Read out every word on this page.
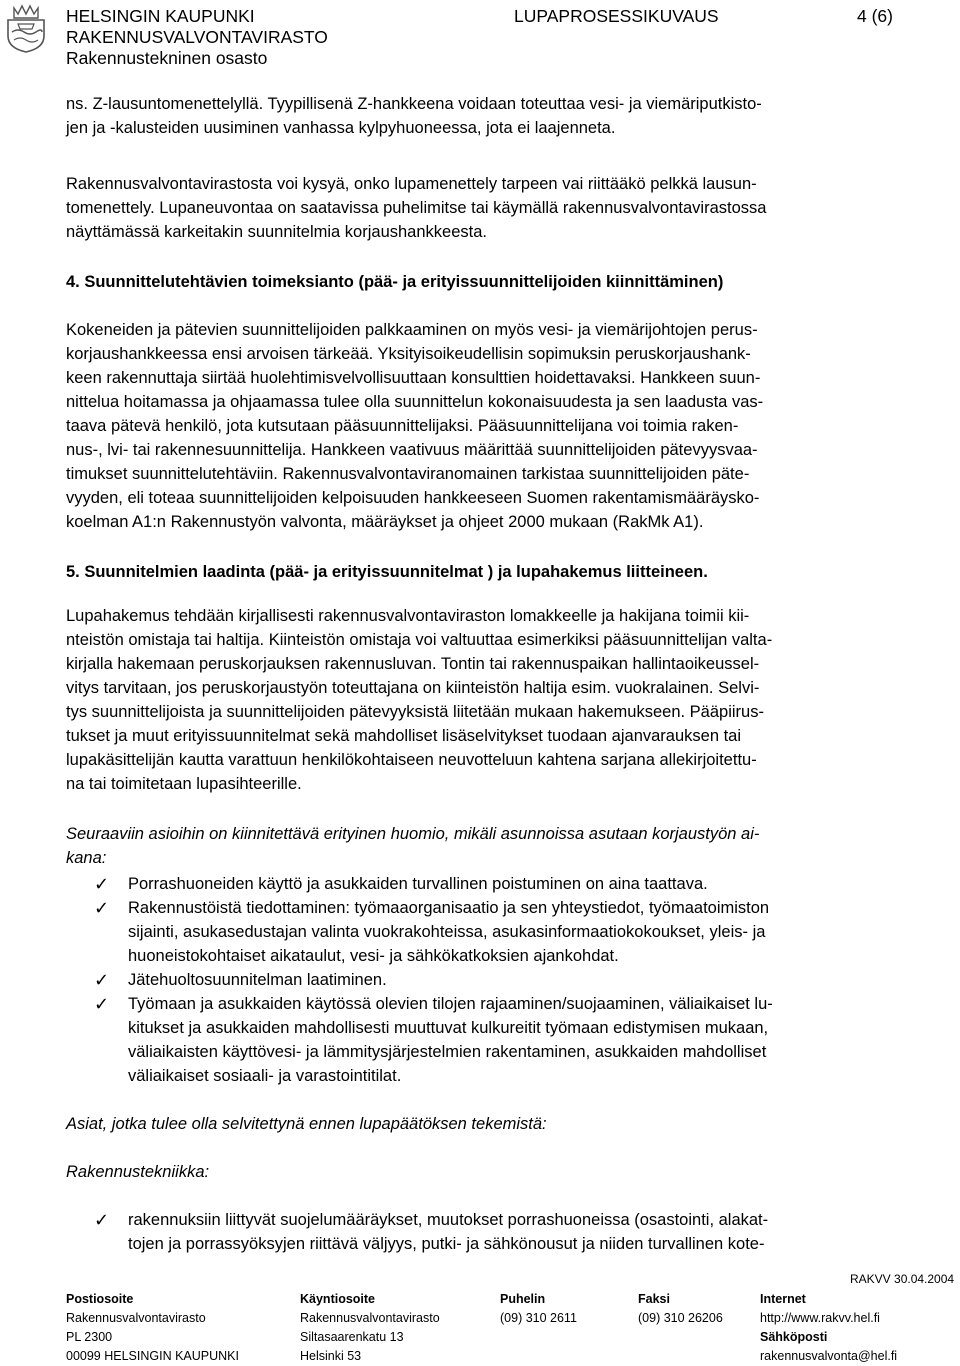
HELSINGIN KAUPUNKI
RAKENNUSVALVONTAVIRASTO
Rakennustekninen osasto
LUPAPROSESSIKUVAUS	4 (6)
ns. Z-lausuntomenettelyllä. Tyypillisenä Z-hankkeena voidaan toteuttaa vesi- ja viemäriputkisto-
jen ja -kalusteiden uusiminen vanhassa kylpyhuoneessa, jota ei laajenneta.
Rakennusvalvontavirastosta voi kysyä, onko lupamenettely tarpeen vai riittääkö pelkkä lausun-
tomenettely. Lupaneuvontaa on saatavissa puhelimitse tai käymällä rakennusvalvontavirastossa
näyttämässä karkeitakin suunnitelmia korjaushankkeesta.
4. Suunnittelutehtävien toimeksianto (pää- ja erityissuunnittelijoiden kiinnittäminen)
Kokeneiden ja pätevien suunnittelijoiden palkkaaminen on myös vesi- ja viemärijohtojen perus-
korjaushankkeessa ensi arvoisen tärkeää. Yksityisoikeudellisin sopimuksin peruskorjaushank-
keen rakennuttaja siirtää huolehtimisvelvollisuuttaan konsulttien hoidettavaksi. Hankkeen suun-
nittelua hoitamassa ja ohjaamassa tulee olla suunnittelun kokonaisuudesta ja sen laadusta vas-
taava pätevä henkilö, jota kutsutaan pääsuunnittelijaksi. Pääsuunnittelijana voi toimia raken-
nus-, lvi- tai rakennesuunnittelija. Hankkeen vaativuus määrittää suunnittelijoiden pätevyysvaa-
timukset suunnittelutehtäviin. Rakennusvalvontaviranomainen tarkistaa suunnittelijoiden päte-
vyyden, eli toteaa suunnittelijoiden kelpoisuuden hankkeeseen Suomen rakentamismääräysko-
koelman A1:n Rakennustyön valvonta, määräykset ja ohjeet 2000 mukaan (RakMk A1).
5. Suunnitelmien laadinta (pää- ja erityissuunnitelmat ) ja lupahakemus liitteineen.
Lupahakemus tehdään kirjallisesti rakennusvalvontaviraston lomakkeelle ja hakijana toimii kii-
nteistön omistaja tai haltija. Kiinteistön omistaja voi valtuuttaa esimerkiksi pääsuunnittelijan valta-
kirjalla hakemaan peruskorjauksen rakennusluvan. Tontin tai rakennuspaikan hallintaoikeussel-
vitys tarvitaan, jos peruskorjaustyön toteuttajana on kiinteistön haltija esim. vuokralainen. Selvi-
tys suunnittelijoista ja suunnittelijoiden pätevyyksistä liitetään mukaan hakemukseen. Pääpiirus-
tukset ja muut erityissuunnitelmat sekä mahdolliset lisäselvitykset tuodaan ajanvarauksen tai
lupakäsittelijän kautta varattuun henkilökohtaiseen neuvotteluun kahtena sarjana allekirjoitettu-
na tai toimitetaan lupasihteerille.
Seuraaviin asioihin on kiinnitettävä erityinen huomio, mikäli asunnoissa asutaan korjaustyön ai-
kana:
✓ Porrashuoneiden käyttö ja asukkaiden turvallinen poistuminen on aina taattava.
✓ Rakennustöistä tiedottaminen: työmaaorganisaatio ja sen yhteystiedot, työmaatoimiston
sijainti, asukasedustajan valinta vuokrakohteissa, asukasinformaatiokokoukset, yleis- ja
huoneistokohtaiset aikataulut, vesi- ja sähkökatkoksien ajankohdat.
✓ Jätehuoltosuunnitelman laatiminen.
✓ Työmaan ja asukkaiden käytössä olevien tilojen rajaaminen/suojaaminen, väliaikaiset lu-
kitukset ja asukkaiden mahdollisesti muuttuvat kulkureitit työmaan edistymisen mukaan,
väliaikaisten käyttövesi- ja lämmitysjärjestelmien rakentaminen, asukkaiden mahdolliset
väliaikaiset sosiaali- ja varastointitilat.
Asiat, jotka tulee olla selvitettynä ennen lupapäätöksen tekemistä:
Rakennustekniikka:
✓ rakennuksiin liittyvät suojelumääräykset, muutokset porrashuoneissa (osastointi, alakat-
tojen ja porrassyöksyjen riittävä väljyys, putki- ja sähkönousut ja niiden turvallinen kote-
RAKVV 30.04.2004
Postiosoite
Rakennusvalvontavirasto
PL 2300
00099 HELSINGIN KAUPUNKI
Käyntiosoite
Rakennusvalvontavirasto
Siltasaarenkatu 13
Helsinki 53
Puhelin
(09) 310 2611
Faksi
(09) 310 26206
Internet
http://www.rakvv.hel.fi
Sähköposti
rakennusvalvonta@hel.fi
